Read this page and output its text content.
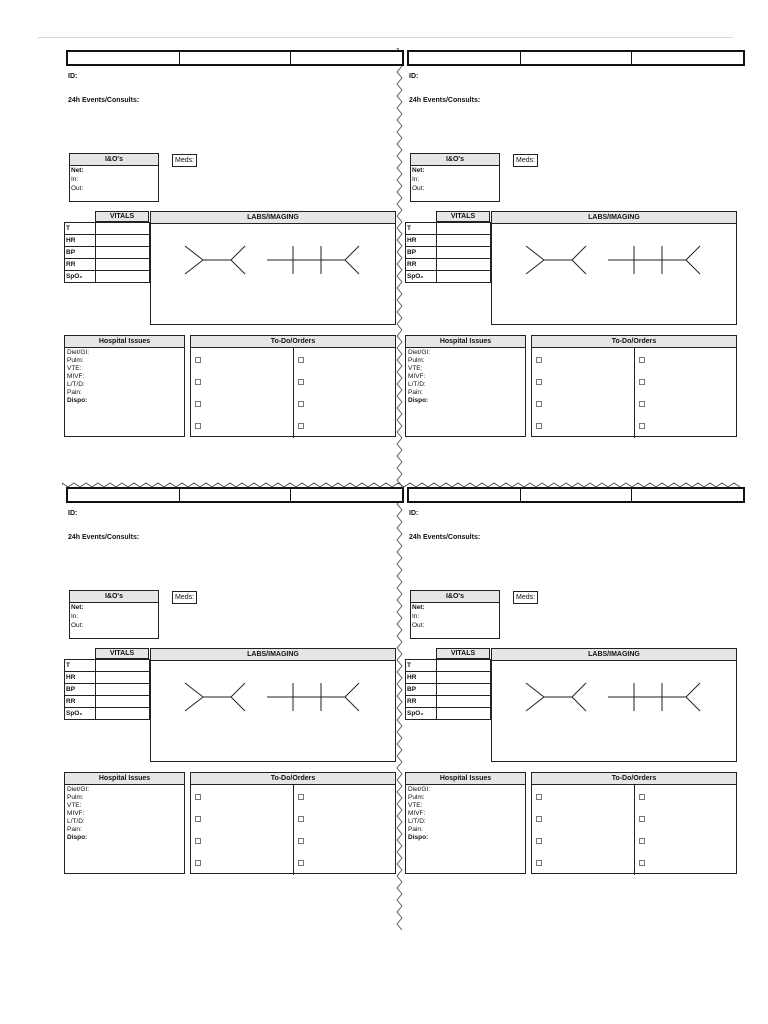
ID:
24h Events/Consults:
I&O's
Net:
In:
Out:
Meds:
VITALS
T
HR
BP
RR
SpO₂
LABS/IMAGING
Hospital Issues
Diet/GI:
Pulm:
VTE:
MIVF:
L/T/D:
Pain:
Dispo:
To-Do/Orders
ID:
24h Events/Consults:
I&O's
Net:
In:
Out:
Meds:
VITALS
T
HR
BP
RR
SpO₂
LABS/IMAGING
Hospital Issues
Diet/GI:
Pulm:
VTE:
MIVF:
L/T/D:
Pain:
Dispo:
To-Do/Orders
ID:
24h Events/Consults:
I&O's
Net:
In:
Out:
Meds:
VITALS
T
HR
BP
RR
SpO₂
LABS/IMAGING
Hospital Issues
Diet/GI:
Pulm:
VTE:
MIVF:
L/T/D:
Pain:
Dispo:
To-Do/Orders
ID:
24h Events/Consults:
I&O's
Net:
In:
Out:
Meds:
VITALS
T
HR
BP
RR
SpO₂
LABS/IMAGING
Hospital Issues
Diet/GI:
Pulm:
VTE:
MIVF:
L/T/D:
Pain:
Dispo:
To-Do/Orders
